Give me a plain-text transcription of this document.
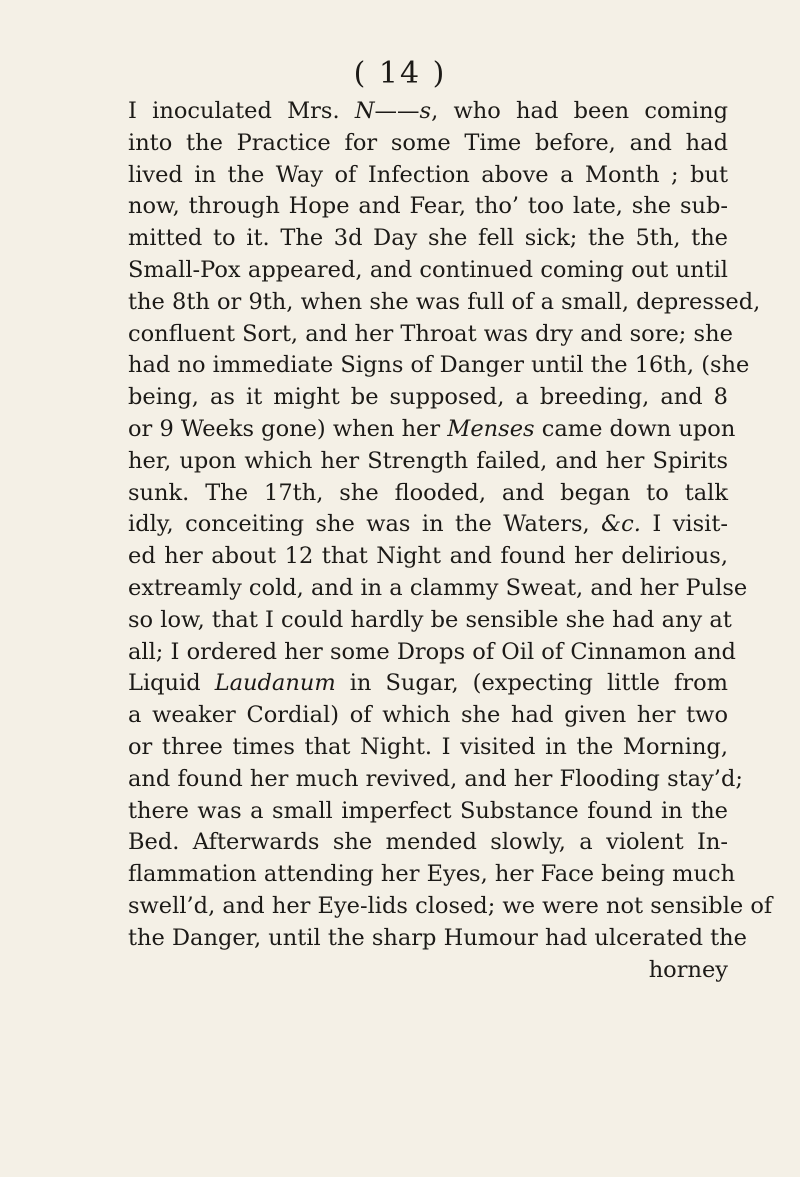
( 14 )
I inoculated Mrs. N——s, who had been coming
into the Practice for some Time before, and had
lived in the Way of Infection above a Month ; but
now, through Hope and Fear, tho’ too late, she sub-
mitted to it. The 3d Day she fell sick; the 5th, the
Small-Pox appeared, and continued coming out until
the 8th or 9th, when she was full of a small, depressed,
confluent Sort, and her Throat was dry and sore; she
had no immediate Signs of Danger until the 16th, (she
being, as it might be supposed, a breeding, and 8
or 9 Weeks gone) when her Menses came down upon
her, upon which her Strength failed, and her Spirits
sunk. The 17th, she flooded, and began to talk
idly, conceiting she was in the Waters, &c. I visit-
ed her about 12 that Night and found her delirious,
extreamly cold, and in a clammy Sweat, and her Pulse
so low, that I could hardly be sensible she had any at
all; I ordered her some Drops of Oil of Cinnamon and
Liquid Laudanum in Sugar, (expecting little from
a weaker Cordial) of which she had given her two
or three times that Night. I visited in the Morning,
and found her much revived, and her Flooding stay’d;
there was a small imperfect Substance found in the
Bed. Afterwards she mended slowly, a violent In-
flammation attending her Eyes, her Face being much
swell’d, and her Eye-lids closed; we were not sensible of
the Danger, until the sharp Humour had ulcerated the
horney
